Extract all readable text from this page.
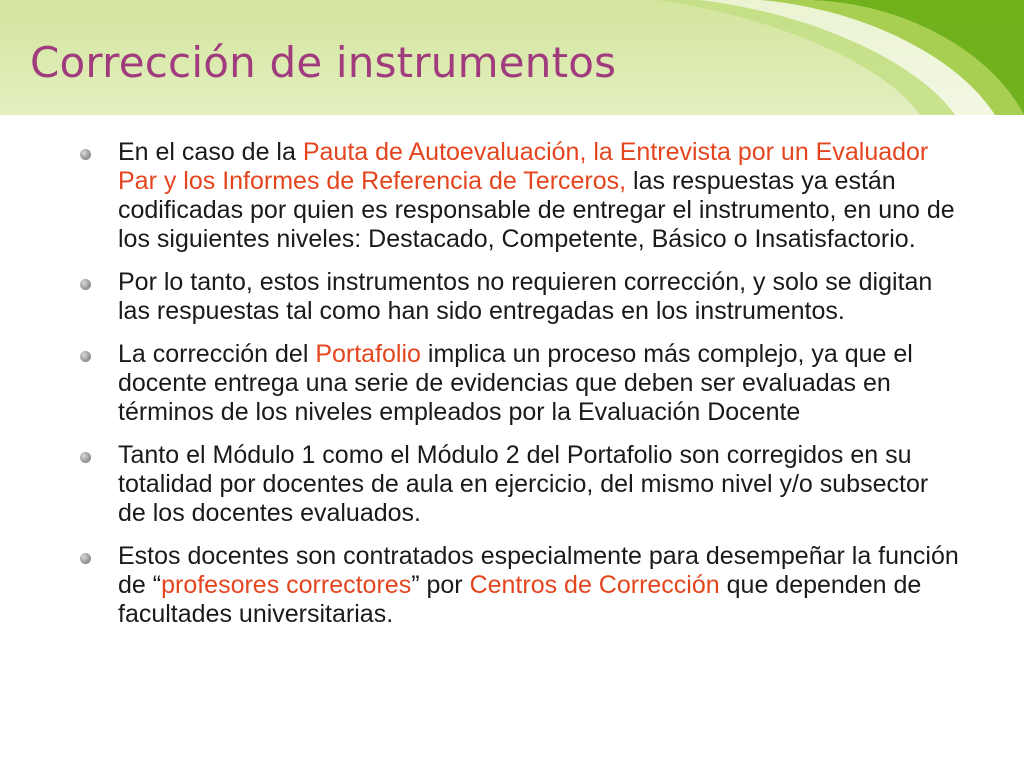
Corrección de instrumentos
En el caso de la Pauta de Autoevaluación, la Entrevista por un Evaluador Par y los Informes de Referencia de Terceros, las respuestas ya están codificadas por quien es responsable de entregar el instrumento, en uno de los siguientes niveles: Destacado, Competente, Básico o Insatisfactorio.
Por lo tanto, estos instrumentos no requieren corrección, y solo se digitan las respuestas tal como han sido entregadas en los instrumentos.
La corrección del Portafolio implica un proceso más complejo, ya que el docente entrega una serie de evidencias que deben ser evaluadas en términos de los niveles empleados por la Evaluación Docente
Tanto el Módulo 1 como el Módulo 2 del Portafolio son corregidos en su totalidad por docentes de aula en ejercicio, del mismo nivel y/o subsector de los docentes evaluados.
Estos docentes son contratados especialmente para desempeñar la función de “profesores correctores” por Centros de Corrección que dependen de facultades universitarias.
